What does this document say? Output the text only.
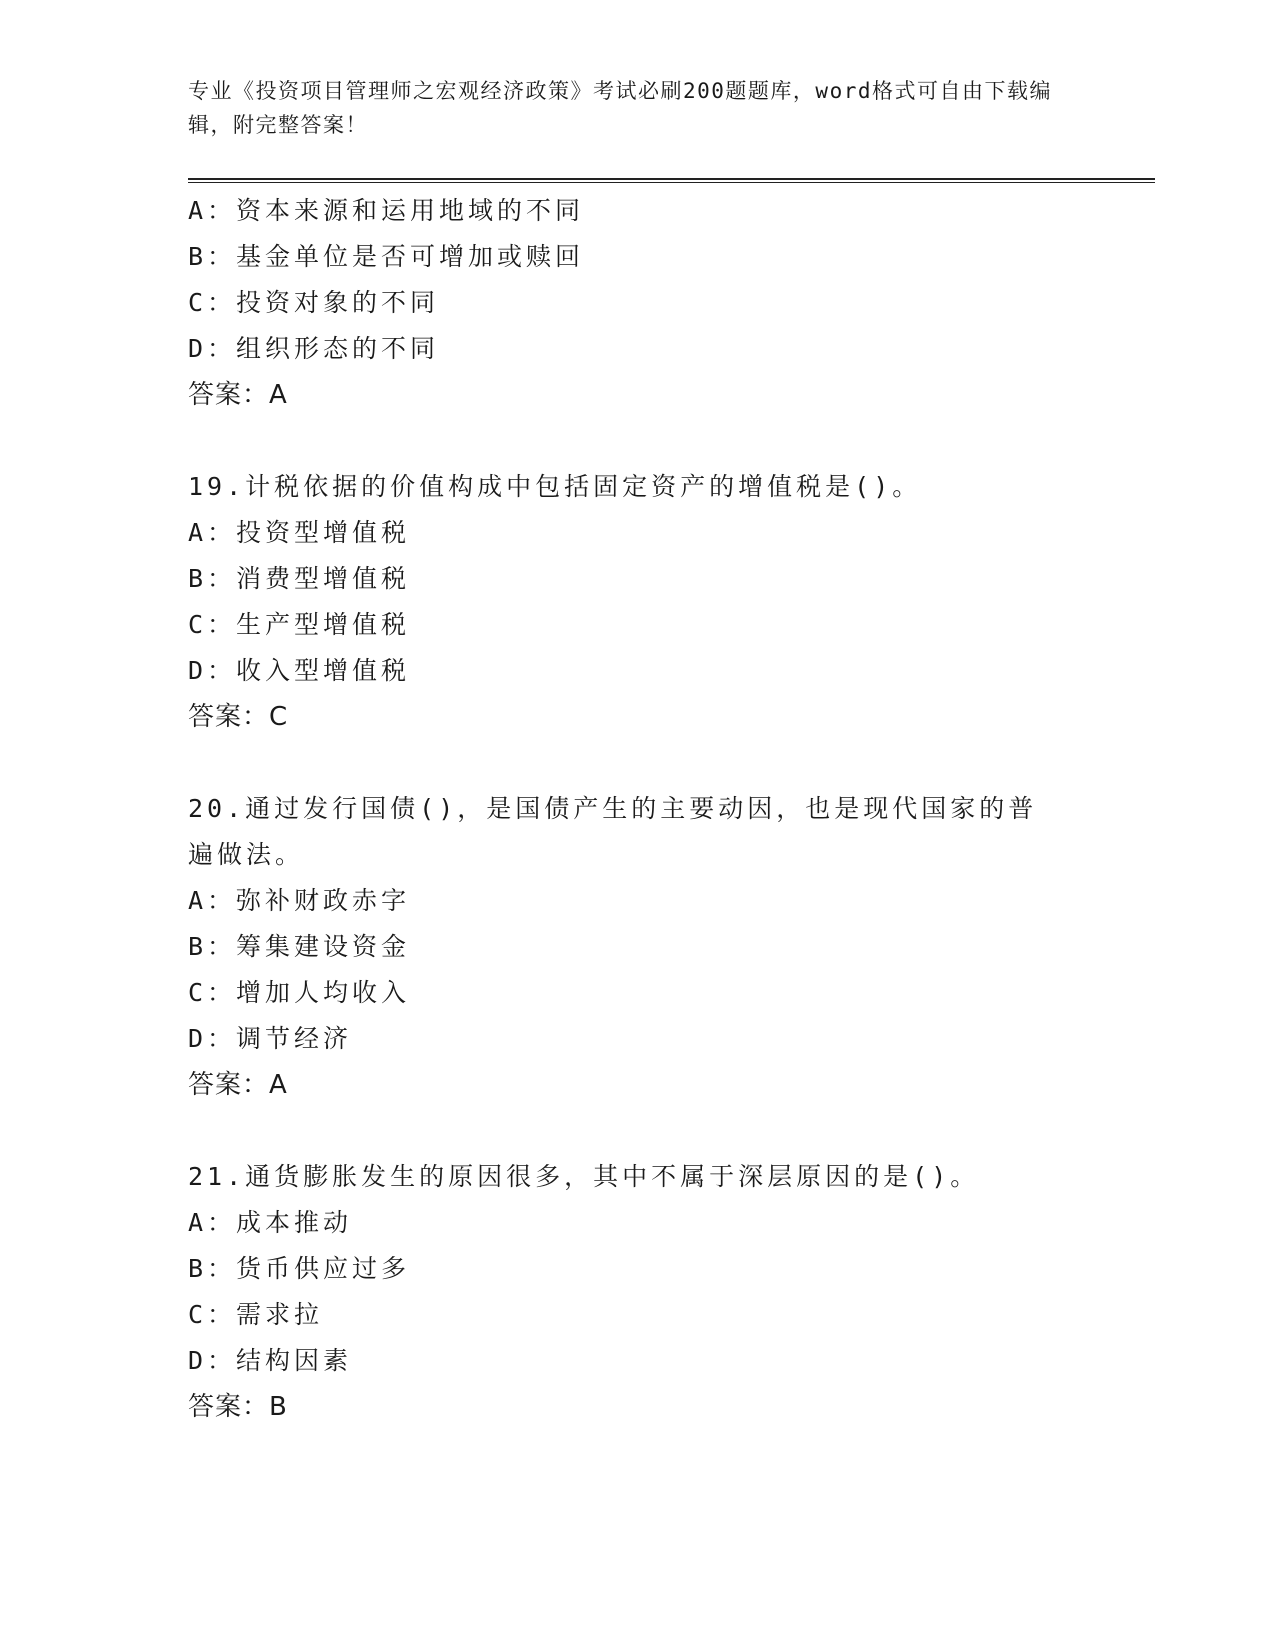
专业《投资项目管理师之宏观经济政策》考试必刷200题题库，word格式可自由下载编辑，附完整答案！
A：资本来源和运用地域的不同
B：基金单位是否可增加或赎回
C：投资对象的不同
D：组织形态的不同
答案：A
19.计税依据的价值构成中包括固定资产的增值税是()。
A：投资型增值税
B：消费型增值税
C：生产型增值税
D：收入型增值税
答案：C
20.通过发行国债()，是国债产生的主要动因，也是现代国家的普遍做法。
A：弥补财政赤字
B：筹集建设资金
C：增加人均收入
D：调节经济
答案：A
21.通货膨胀发生的原因很多，其中不属于深层原因的是()。
A：成本推动
B：货币供应过多
C：需求拉
D：结构因素
答案：B
